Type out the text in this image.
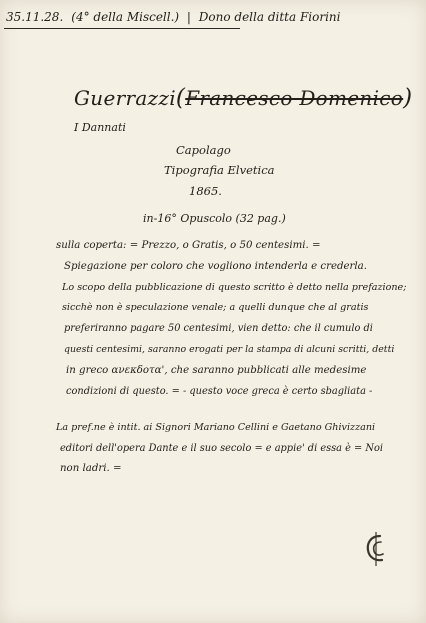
35.11.28. (4° della Miscell.) | Dono della ditta Fiorini
Guerrazzi(Francesco Domenico)
I Dannati
Capolago
Tipografia Elvetica
1865.
in-16° Opuscolo (32 pag.)
sulla coperta: = Prezzo, o Gratis, o 50 centesimi. =
Spiegazione per coloro che vogliono intenderla e crederla.
Lo scopo della pubblicazione di questo scritto è detto nella prefazione;
sicchè non è speculazione venale; a quelli dunque che al gratis
preferiranno pagare 50 centesimi, vien detto: che il cumulo di
questi centesimi, saranno erogati per la stampa di alcuni scritti, detti
in greco ανεκδοτα', che saranno pubblicati alle medesime
condizioni di questo. = - questo voce greca è certo sbagliata -
La pref.ne è intit. ai Signori Mariano Cellini e Gaetano Ghivizzani
editori dell'opera Dante e il suo secolo = e appie' di essa è = Noi
non ladri. =
